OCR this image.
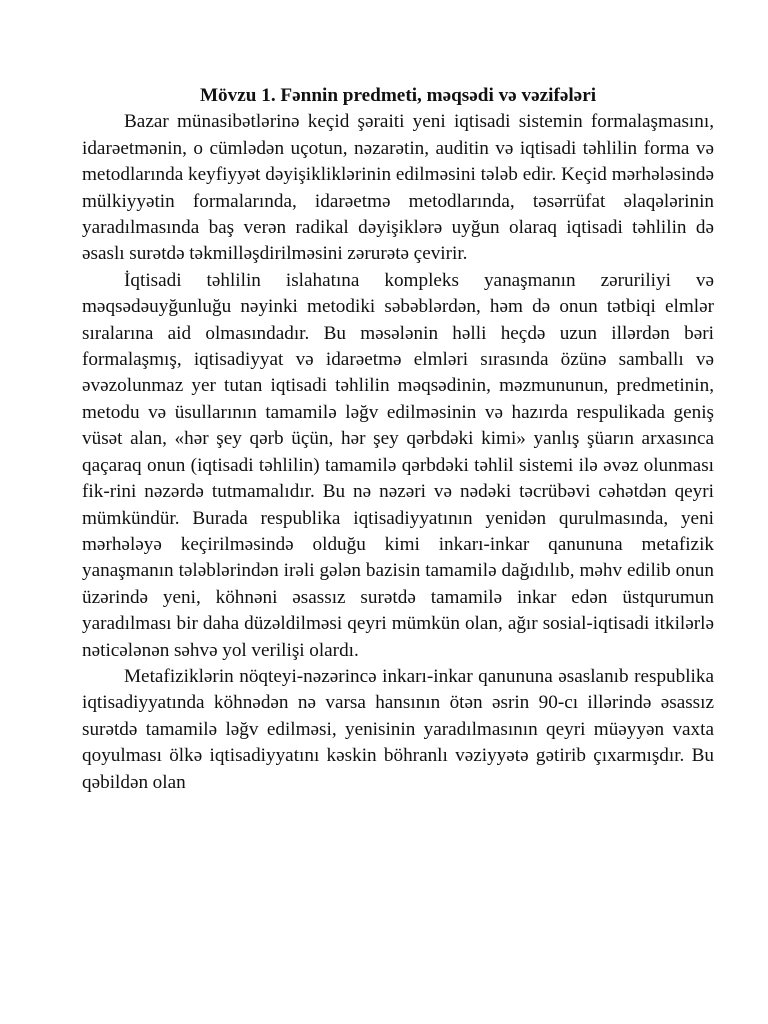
Mövzu 1. Fənnin predmeti, məqsədi və vəzifələri

Bazar münasibətlərinə keçid şəraiti yeni iqtisadi sistemin formalaşmasını, idarəetmənin, o cümlədən uçotun, nəzarətin, auditin və iqtisadi təhlilin forma və metodlarında keyfiyyət dəyişikliklərinin edilməsini tələb edir. Keçid mərhələsində mülkiyyətin formalarında, idarəetmə metodlarında, təsərrüfat əlaqələrinin yaradılmasında baş verən radikal dəyişiklərə uyğun olaraq iqtisadi təhlilin də əsaslı surətdə təkmilləşdirilməsini zərurətə çevirir.

İqtisadi təhlilin islahatına kompleks yanaşmanın zəruriliyi və məqsədəuyğunluğu nəyinki metodiki səbəblərdən, həm də onun tətbiqi elmlər sıralarına aid olmasındadır. Bu məsələnin həlli heçdə uzun illərdən bəri formalaşmış, iqtisadiyyat və idarəetmə elmləri sırasında özünə samballı və əvəzolunmaz yer tutan iqtisadi təhlilin məqsədinin, məzmununun, predmetinin, metodu və üsullarının tamamilə ləğv edilməsinin və hazırda respulikada geniş vüsət alan, «hər şey qərb üçün, hər şey qərbdəki kimi» yanlış şüarın arxasınca qaçaraq onun (iqtisadi təhlilin) tamamilə qərbdəki təhlil sistemi ilə əvəz olunması fik-rini nəzərdə tutmamalıdır. Bu nə nəzəri və nədəki təcrübəvi cəhətdən qeyri mümkündür. Burada respublika iqtisadiyyatının yenidən qurulmasında, yeni mərhələyə keçirilməsində olduğu kimi inkarı-inkar qanununa metafizik yanaşmanın tələblərindən irəli gələn bazisin tamamilə dağıdılıb, məhv edilib onun üzərində yeni, köhnəni əsassız surətdə tamamilə inkar edən üstqurumun yaradılması bir daha düzəldilməsi qeyri mümkün olan, ağır sosial-iqtisadi itkilərlə nəticələnən səhvə yol verilişi olardı.

Metafiziklərin nöqteyi-nəzərincə inkarı-inkar qanununa əsaslanıb respublika iqtisadiyyatında köhnədən nə varsa hansının ötən əsrin 90-cı illərində əsassız surətdə tamamilə ləğv edilməsi, yenisinin yaradılmasının qeyri müəyyən vaxta qoyulması ölkə iqtisadiyyatını kəskin böhranlı vəziyyətə gətirib çıxarmışdır. Bu qəbildən olan
